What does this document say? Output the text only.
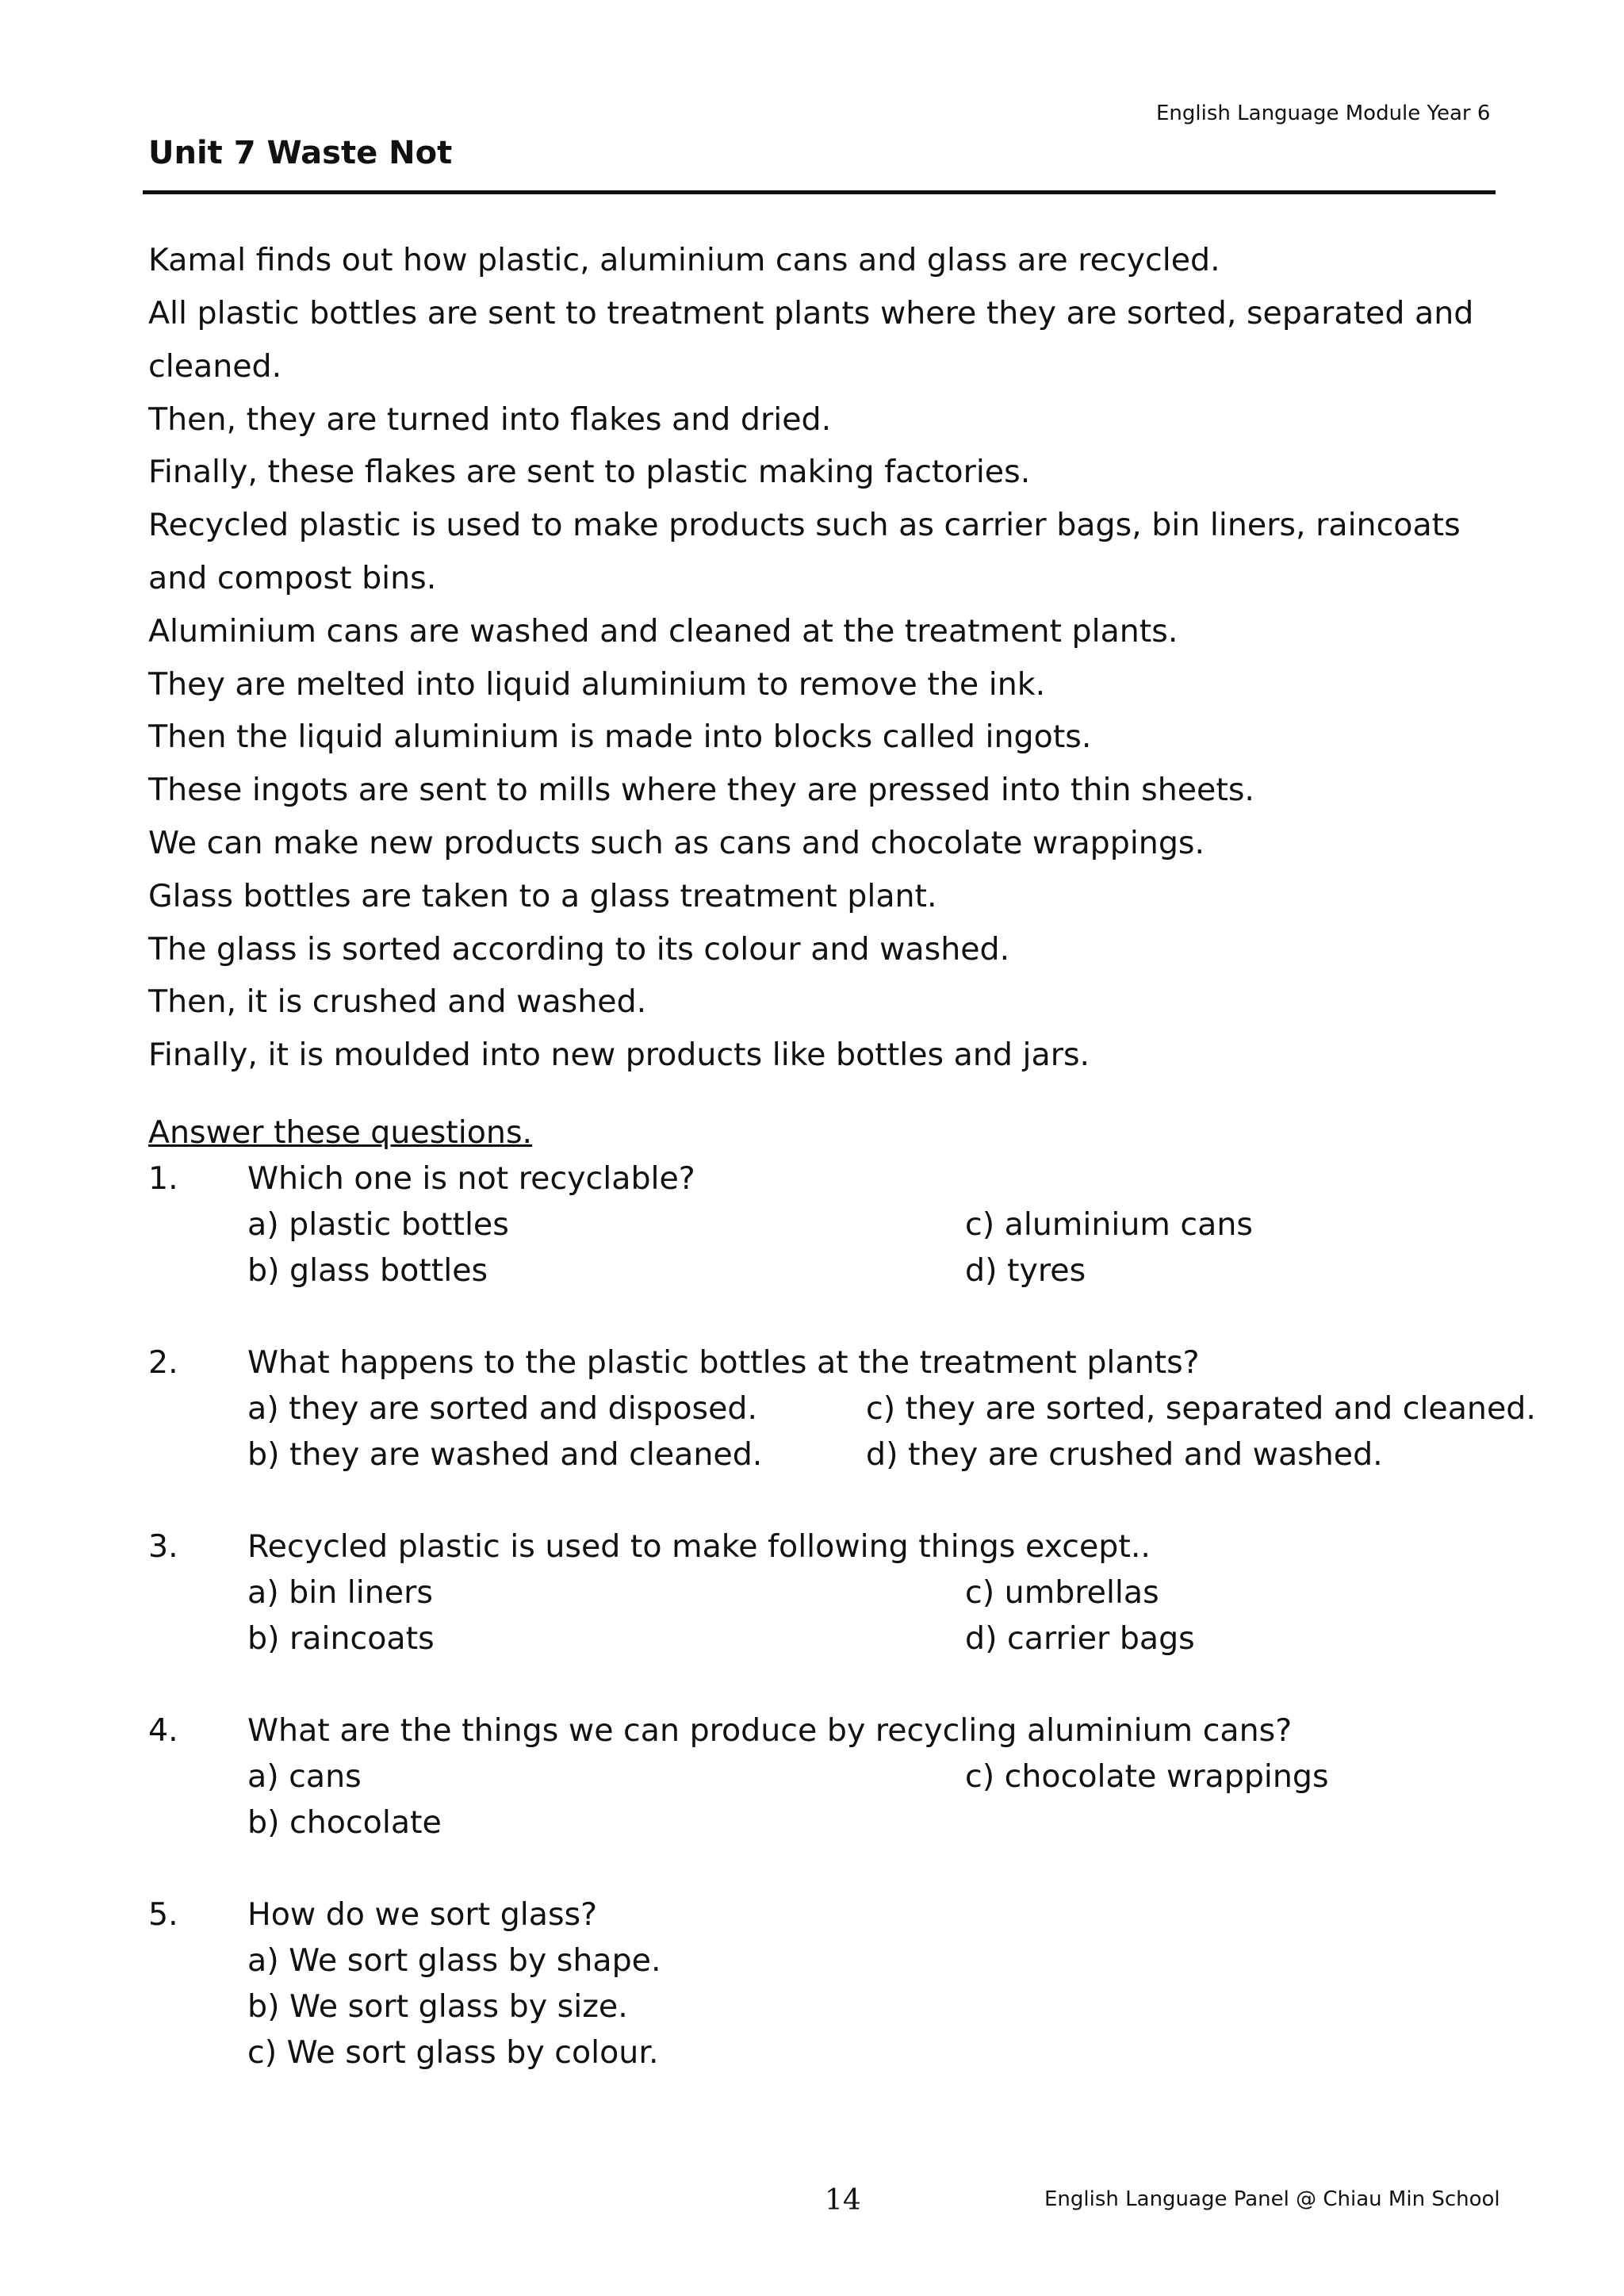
English Language Module Year 6
Unit 7 Waste Not
Kamal finds out how plastic, aluminium cans and glass are recycled.
All plastic bottles are sent to treatment plants where they are sorted, separated and
cleaned.
Then, they are turned into flakes and dried.
Finally, these flakes are sent to plastic making factories.
Recycled plastic is used to make products such as carrier bags, bin liners, raincoats
and compost bins.
Aluminium cans are washed and cleaned at the treatment plants.
They are melted into liquid aluminium to remove the ink.
Then the liquid aluminium is made into blocks called ingots.
These ingots are sent to mills where they are pressed into thin sheets.
We can make new products such as cans and chocolate wrappings.
Glass bottles are taken to a glass treatment plant.
The glass is sorted according to its colour and washed.
Then, it is crushed and washed.
Finally, it is moulded into new products like bottles and jars.
Answer these questions.
1. Which one is not recyclable?
a) plastic bottles	c) aluminium cans
b) glass bottles	d) tyres
2. What happens to the plastic bottles at the treatment plants?
a) they are sorted and disposed.	c) they are sorted, separated and cleaned.
b) they are washed and cleaned.	d) they are crushed and washed.
3. Recycled plastic is used to make following things except..
a) bin liners	c) umbrellas
b) raincoats	d) carrier bags
4. What are the things we can produce by recycling aluminium cans?
a) cans	c) chocolate wrappings
b) chocolate
5. How do we sort glass?
a) We sort glass by shape.
b) We sort glass by size.
c) We sort glass by colour.
14	English Language Panel @ Chiau Min School
